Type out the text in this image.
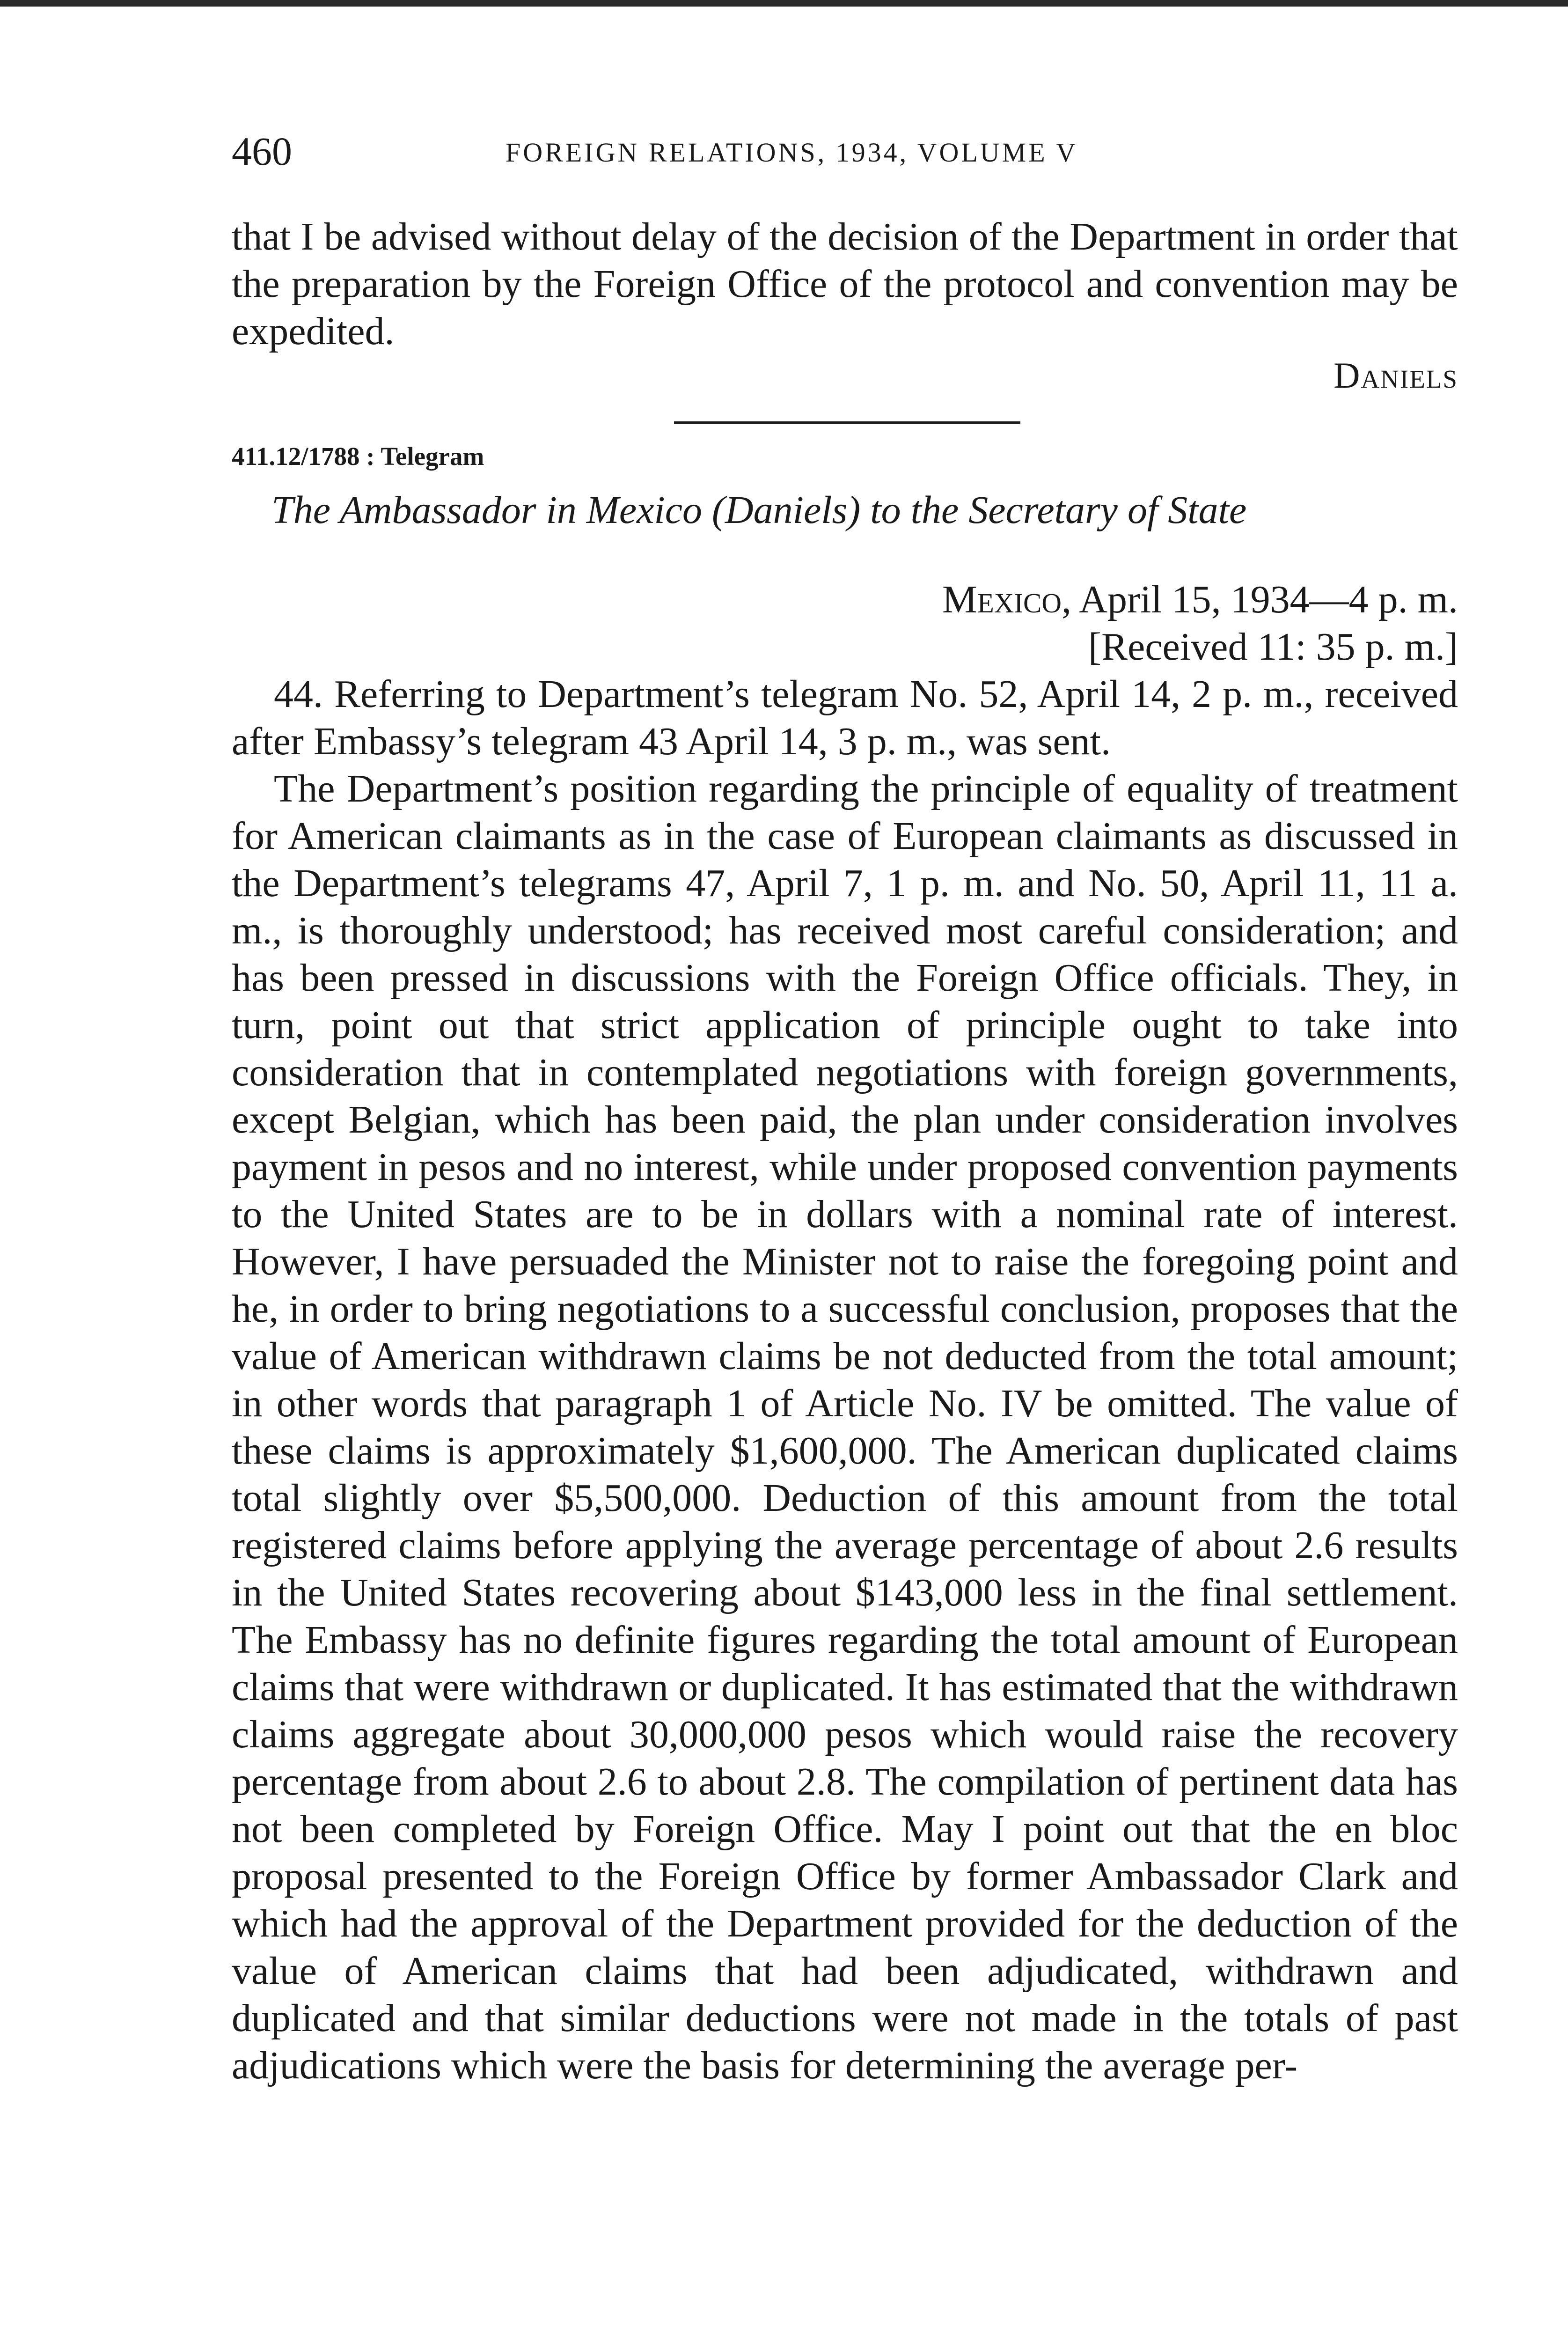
460	FOREIGN RELATIONS, 1934, VOLUME V
that I be advised without delay of the decision of the Department in order that the preparation by the Foreign Office of the protocol and convention may be expedited.
Daniels
411.12/1788 : Telegram
The Ambassador in Mexico (Daniels) to the Secretary of State
Mexico, April 15, 1934—4 p. m.
[Received 11: 35 p. m.]

44. Referring to Department’s telegram No. 52, April 14, 2 p. m., received after Embassy’s telegram 43 April 14, 3 p. m., was sent.

The Department’s position regarding the principle of equality of treatment for American claimants as in the case of European claimants as discussed in the Department’s telegrams 47, April 7, 1 p. m. and No. 50, April 11, 11 a. m., is thoroughly understood; has received most careful consideration; and has been pressed in discussions with the Foreign Office officials. They, in turn, point out that strict application of principle ought to take into consideration that in contemplated negotiations with foreign governments, except Belgian, which has been paid, the plan under consideration involves payment in pesos and no interest, while under proposed convention payments to the United States are to be in dollars with a nominal rate of interest. However, I have persuaded the Minister not to raise the foregoing point and he, in order to bring negotiations to a successful conclusion, proposes that the value of American withdrawn claims be not deducted from the total amount; in other words that paragraph 1 of Article No. IV be omitted. The value of these claims is approximately $1,600,000. The American duplicated claims total slightly over $5,500,000. Deduction of this amount from the total registered claims before applying the average percentage of about 2.6 results in the United States recovering about $143,000 less in the final settlement. The Embassy has no definite figures regarding the total amount of European claims that were withdrawn or duplicated. It has estimated that the withdrawn claims aggregate about 30,000,000 pesos which would raise the recovery percentage from about 2.6 to about 2.8. The compilation of pertinent data has not been completed by Foreign Office. May I point out that the en bloc proposal presented to the Foreign Office by former Ambassador Clark and which had the approval of the Department provided for the deduction of the value of American claims that had been adjudicated, withdrawn and duplicated and that similar deductions were not made in the totals of past adjudications which were the basis for determining the average per-
